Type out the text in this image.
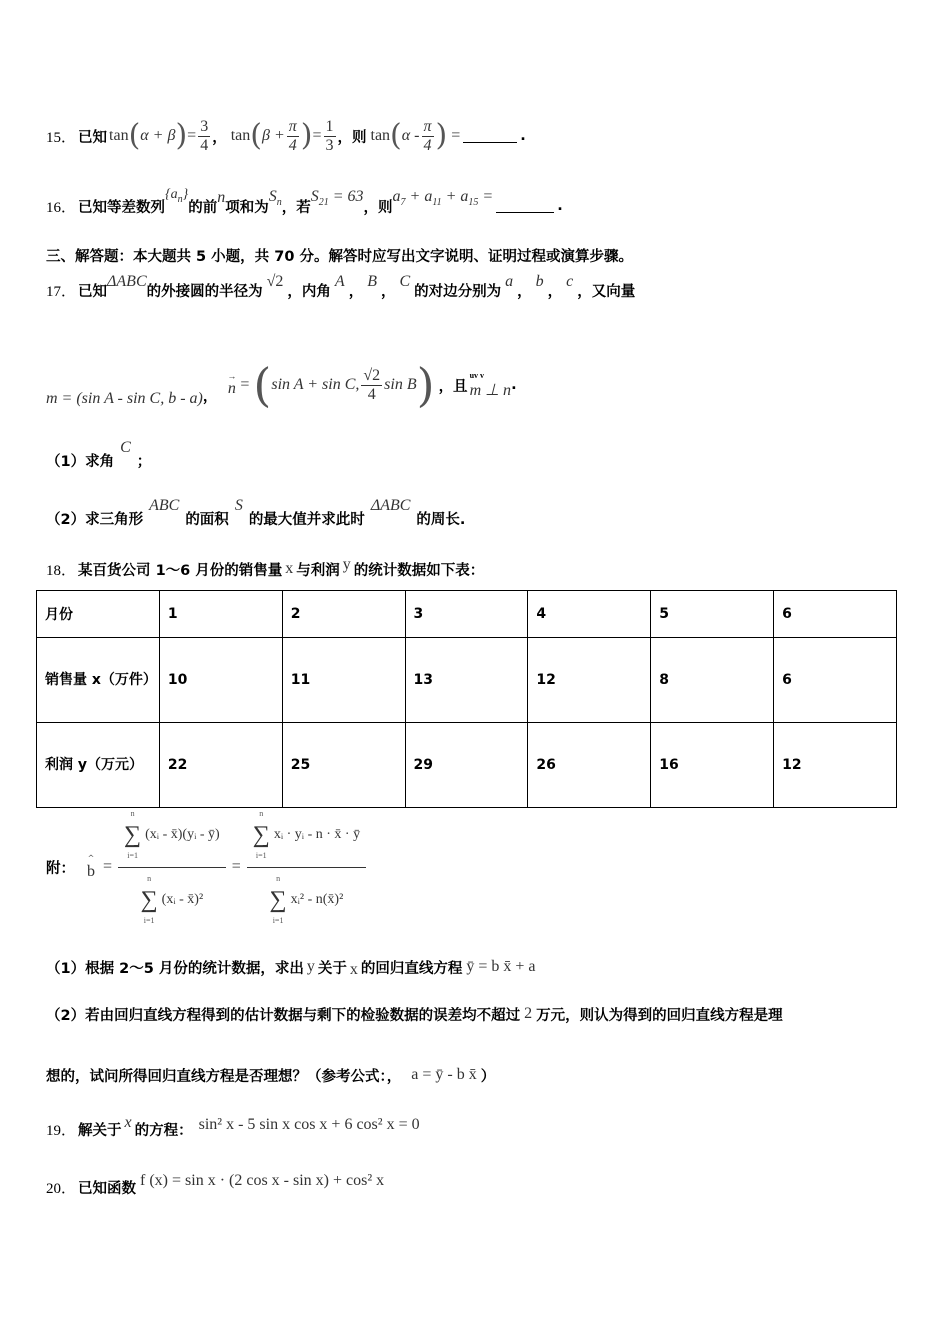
15． 已知 tan ( α + β ) = $\frac{3}{4}$ ， tan ( $\beta + \frac{\pi}{4}$ ) = $\frac{1}{3}$ ，则 tan ( α - $\frac{\pi}{4}$ ) =	.
16． 已知等差数列
$\{a_n\}$
的前
n
项和为
$S_n$ ，若
$S_{21} = 63$
，则
$a_7 + a_{11} + a_{15}$ =
.
三、解答题：本大题共 5 小题，共 70 分。解答时应写出文字说明、证明过程或演算步骤。
17． 已知
ΔABC
的外接圆的半径为
√2
，内角
A
，
B
，
C
的对边分别为
a
，
b
，
c
，又向量
m = (sin A - sin C, b - a) ，
→
n = ( sin A + sin C, $\frac{√2}{4}$ sin B ) ，且
uv v
m ⊥ n .
（1）求角
C
；
（2）求三角形
ABC
的面积
S
的最大值并求此时
ΔABC
的周长.
18． 某百货公司 1～6 月份的销售量 x 与利润 y 的统计数据如下表：
月份	1	2	3	4	5	6
销售量 x（万件）	10	11	13	12	8	6
利润 y（万元）	22	25	29	26	16	12
附：
^
b = n
∑
i=1
(xᵢ - x̄)(yᵢ - ȳ)
n
∑
i=1
(xᵢ - x̄)² = n
∑
i=1
xᵢ · yᵢ - n · x̄ · ȳ
n
∑
i=1
xᵢ² - n(x̄)²
（1）根据 2～5 月份的统计数据，求出 y 关于 x 的回归直线方程 ȳ = b x̄ + a
（2）若由回归直线方程得到的估计数据与剩下的检验数据的误差均不超过 2 万元，则认为得到的回归直线方程是理
想的，试问所得回归直线方程是否理想？（参考公式：， a = ȳ - b x̄ ）
19． 解关于 x 的方程： sin² x - 5 sin x cos x + 6 cos² x = 0
20． 已知函数 f (x) = sin x · (2 cos x - sin x) + cos² x
